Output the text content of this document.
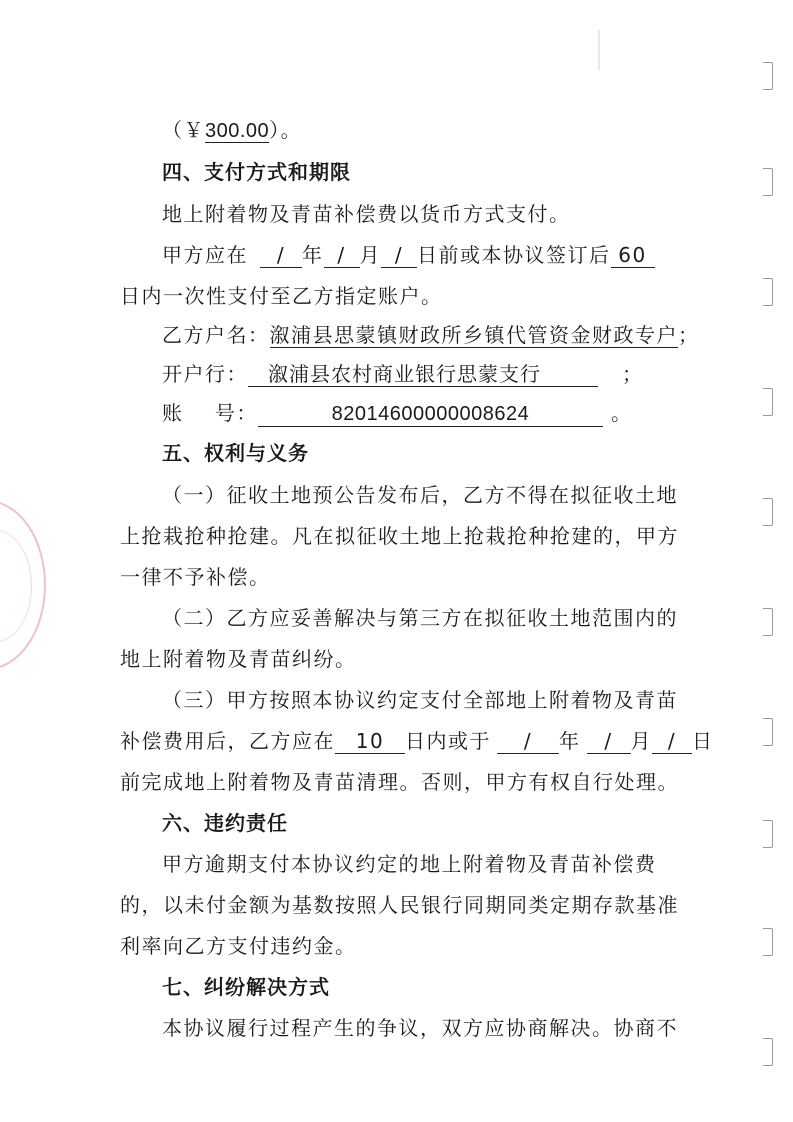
（￥300.00）。
四、支付方式和期限
地上附着物及青苗补偿费以货币方式支付。
甲方应在 / 年 / 月 / 日前或本协议签订后 60
日内一次性支付至乙方指定账户。
乙方户名：溆浦县思蒙镇财政所乡镇代管资金财政专户；
开户行： 溆浦县农村商业银行思蒙支行	；
账    号：	82014600000008624	。
五、权利与义务
（一）征收土地预公告发布后，乙方不得在拟征收土地
上抢栽抢种抢建。凡在拟征收土地上抢栽抢种抢建的，甲方
一律不予补偿。
（二）乙方应妥善解决与第三方在拟征收土地范围内的
地上附着物及青苗纠纷。
（三）甲方按照本协议约定支付全部地上附着物及青苗
补偿费用后，乙方应在 10 日内或于 / 年 / 月 / 日
前完成地上附着物及青苗清理。否则，甲方有权自行处理。
六、违约责任
甲方逾期支付本协议约定的地上附着物及青苗补偿费
的，以未付金额为基数按照人民银行同期同类定期存款基准
利率向乙方支付违约金。
七、纠纷解决方式
本协议履行过程产生的争议，双方应协商解决。协商不
